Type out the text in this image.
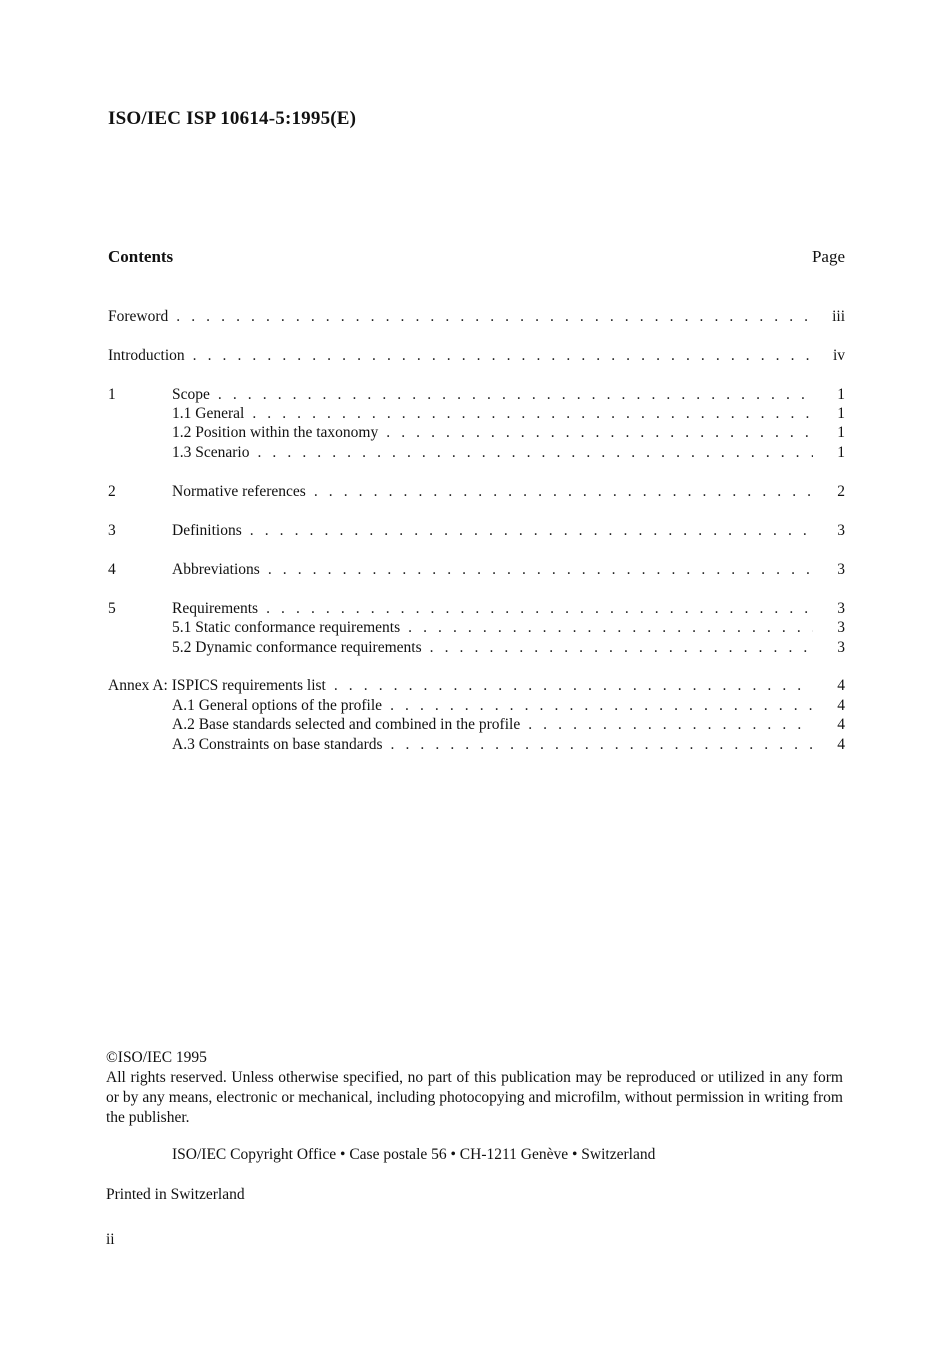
ISO/IEC ISP 10614-5:1995(E)
Contents	Page
Foreword . . .	iii
Introduction . . .	iv
1	Scope . . .	1
1.1 General . . .	1
1.2 Position within the taxonomy . . .	1
1.3 Scenario . . .	1
2	Normative references . . .	2
3	Definitions . . .	3
4	Abbreviations . . .	3
5	Requirements . . .	3
5.1 Static conformance requirements . . .	3
5.2 Dynamic conformance requirements . . .	3
Annex A: ISPICS requirements list . . .	4
A.1 General options of the profile . . .	4
A.2 Base standards selected and combined in the profile . . .	4
A.3 Constraints on base standards . . .	4

©ISO/IEC 1995

All rights reserved. Unless otherwise specified, no part of this publication may be reproduced or utilized in any form or by any means, electronic or mechanical, including photocopying and microfilm, without permission in writing from the publisher.

ISO/IEC Copyright Office • Case postale 56 • CH-1211 Genève • Switzerland
Printed in Switzerland
ii
